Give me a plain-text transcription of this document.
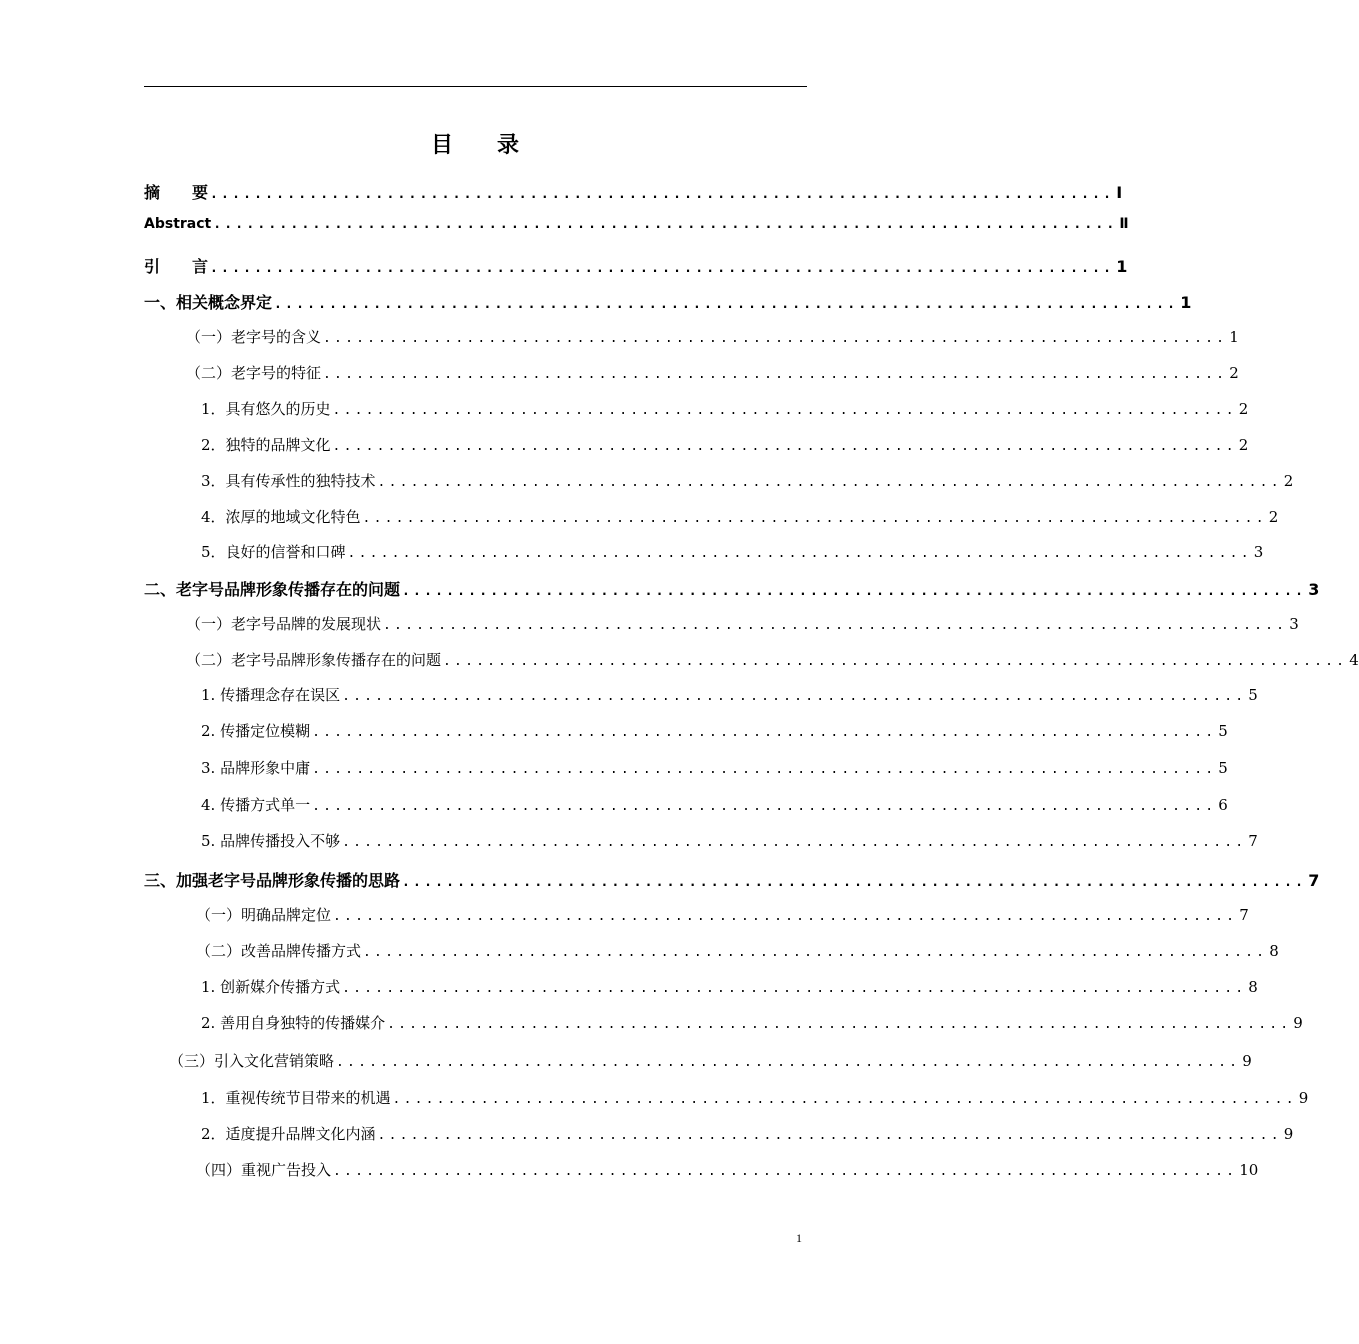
目　　录
摘　　要 .................................................................................. Ⅰ
Abstract .................................................................................. Ⅱ
引　　言 .................................................................................. 1
一、相关概念界定 .................................................................................. 1
（一）老字号的含义 .................................................................................. 1
（二）老字号的特征 .................................................................................. 2
1．具有悠久的历史 .................................................................................. 2
2．独特的品牌文化 .................................................................................. 2
3．具有传承性的独特技术 .................................................................................. 2
4．浓厚的地域文化特色 .................................................................................. 2
5．良好的信誉和口碑 .................................................................................. 3
二、老字号品牌形象传播存在的问题 .................................................................................. 3
（一）老字号品牌的发展现状 .................................................................................. 3
（二）老字号品牌形象传播存在的问题 .................................................................................. 4
1. 传播理念存在误区 .................................................................................. 5
2. 传播定位模糊 .................................................................................. 5
3. 品牌形象中庸 .................................................................................. 5
4. 传播方式单一 .................................................................................. 6
5. 品牌传播投入不够 .................................................................................. 7
三、加强老字号品牌形象传播的思路 .................................................................................. 7
（一）明确品牌定位 .................................................................................. 7
（二）改善品牌传播方式 .................................................................................. 8
1. 创新媒介传播方式 .................................................................................. 8
2. 善用自身独特的传播媒介 .................................................................................. 9
（三）引入文化营销策略 .................................................................................. 9
1．重视传统节目带来的机遇 .................................................................................. 9
2．适度提升品牌文化内涵 .................................................................................. 9
（四）重视广告投入 .................................................................................. 10
1
